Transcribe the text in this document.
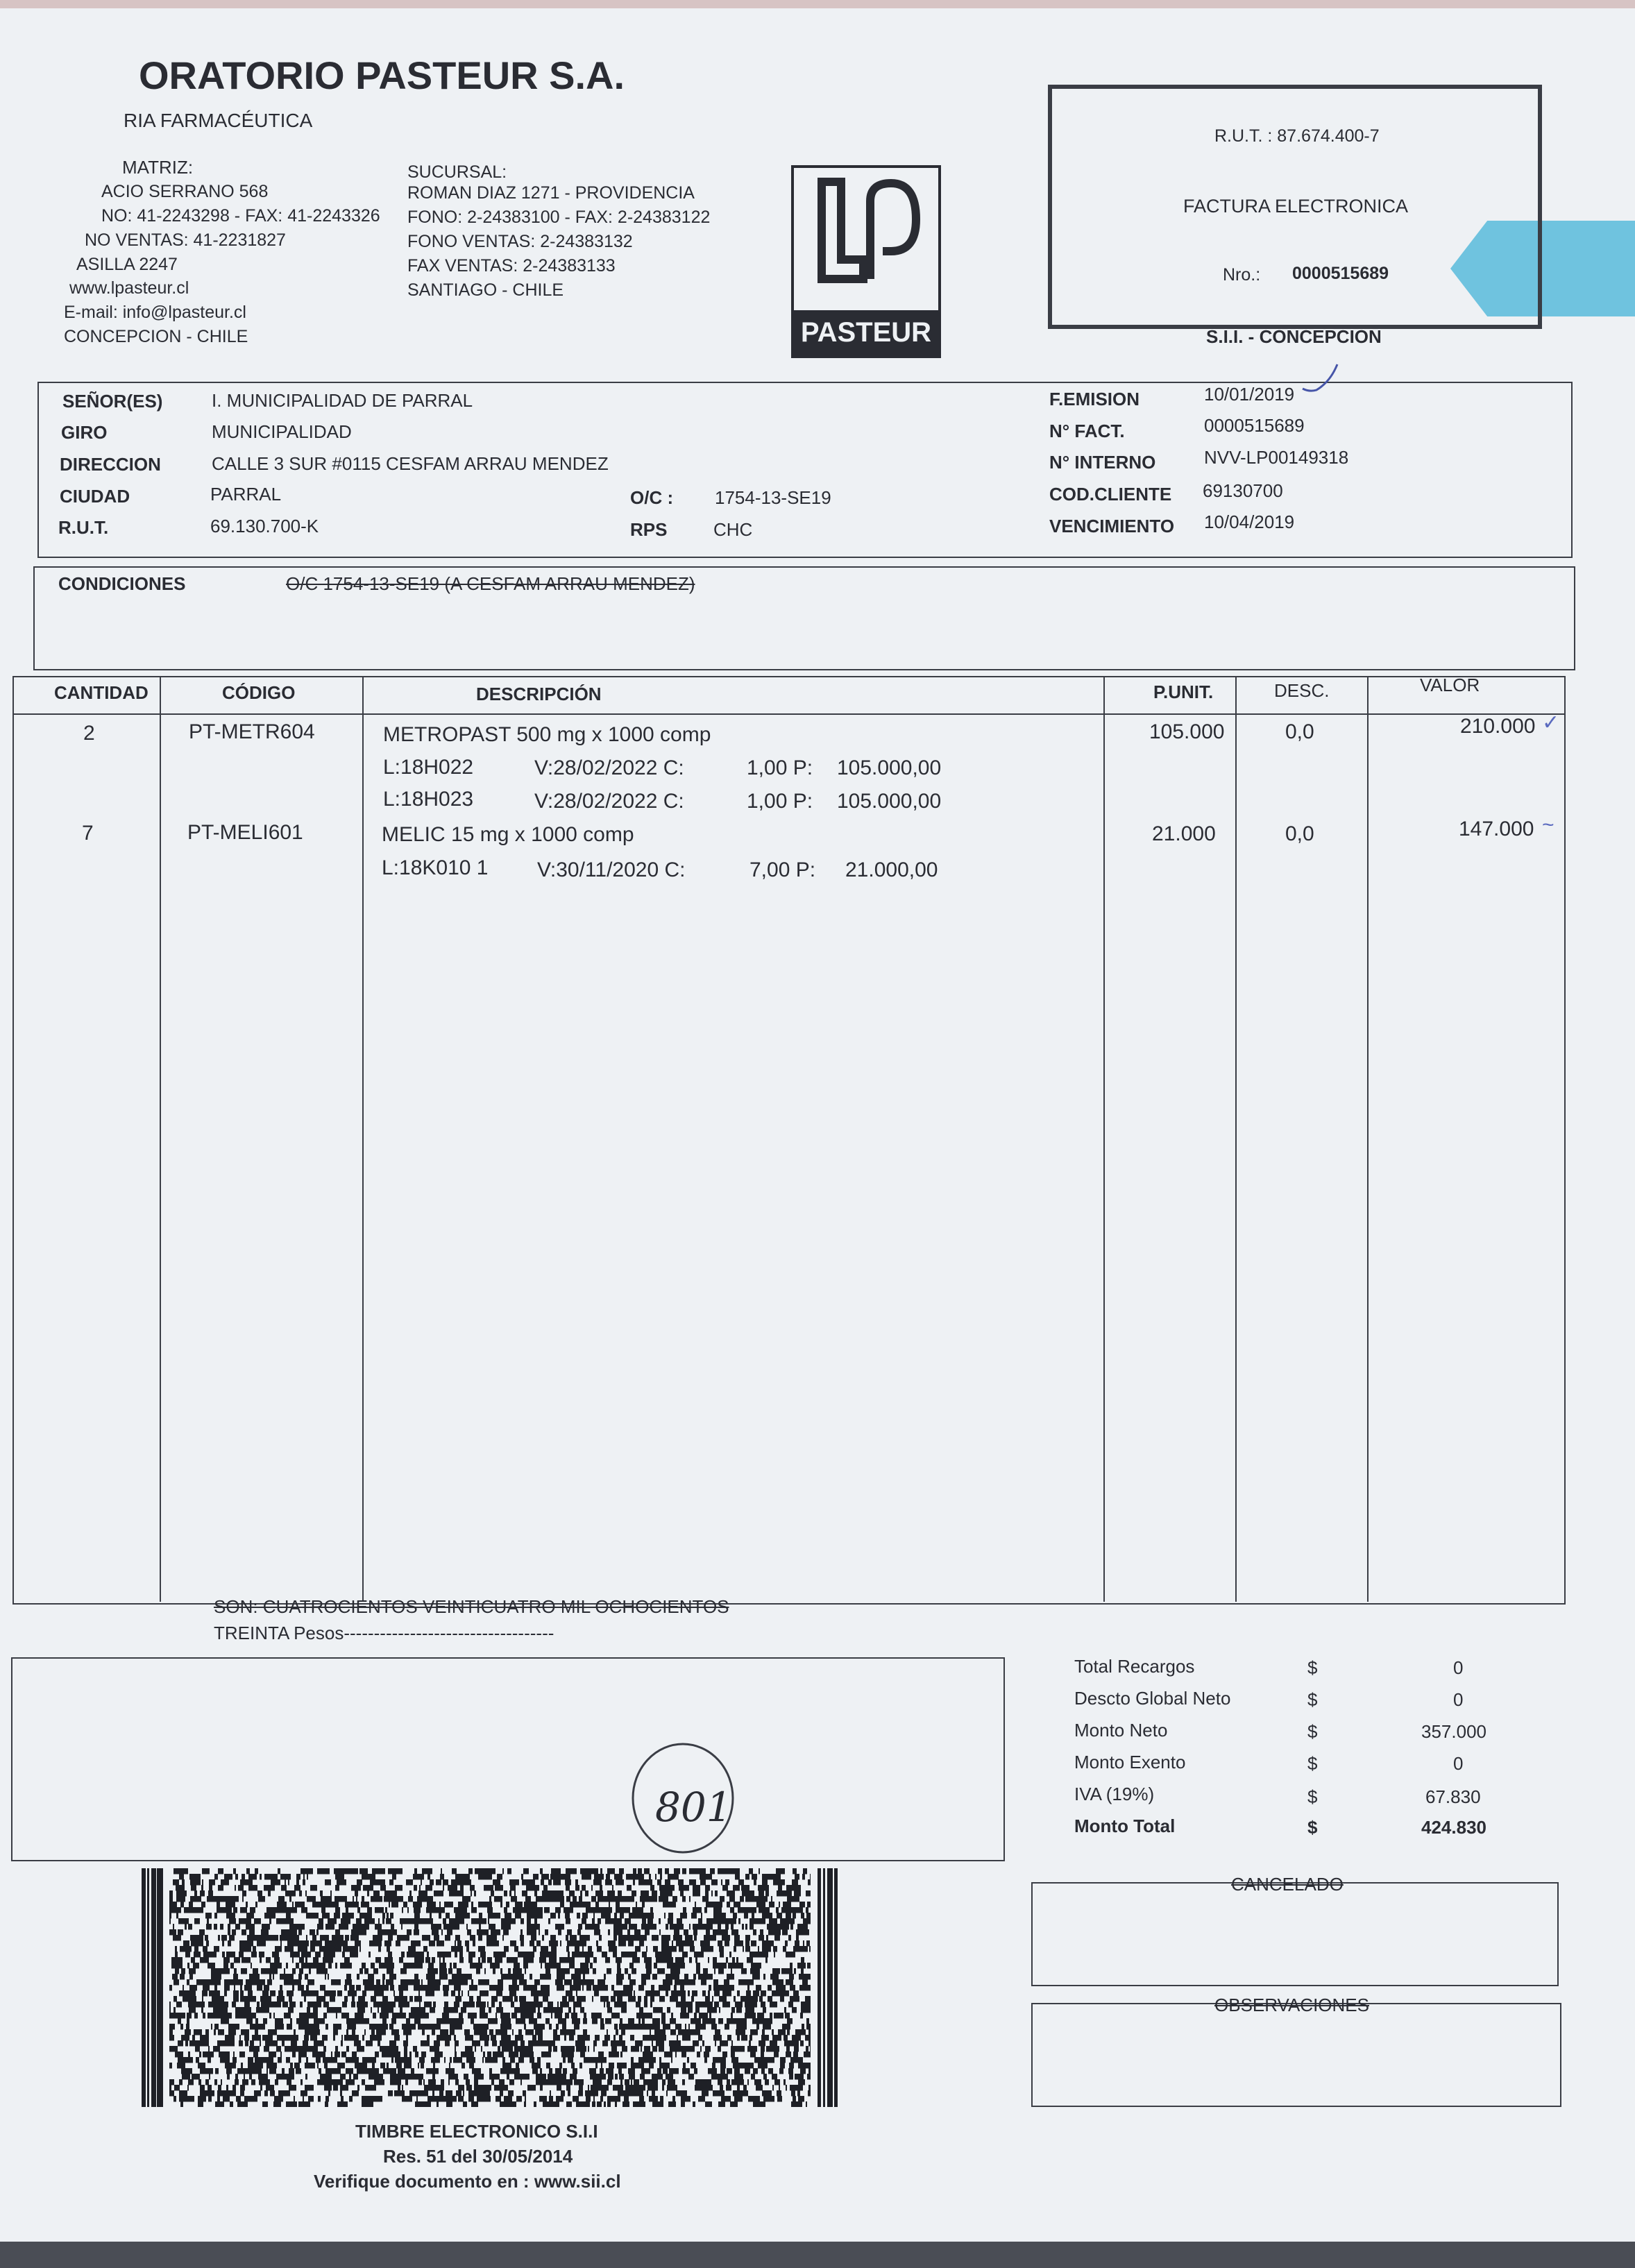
ORATORIO PASTEUR S.A.
RIA FARMACÉUTICA
MATRIZ:
ACIO SERRANO 568
NO: 41-2243298 - FAX: 41-2243326
NO VENTAS: 41-2231827
ASILLA 2247
www.lpasteur.cl
E-mail: info@lpasteur.cl
CONCEPCION - CHILE
SUCURSAL:
ROMAN DIAZ 1271 - PROVIDENCIA
FONO: 2-24383100 - FAX: 2-24383122
FONO VENTAS: 2-24383132
FAX VENTAS: 2-24383133
SANTIAGO - CHILE
PASTEUR
R.U.T. : 87.674.400-7
FACTURA ELECTRONICA
Nro.: 0000515689
S.I.I. - CONCEPCION
SEÑOR(ES)	I. MUNICIPALIDAD DE PARRAL
GIRO	MUNICIPALIDAD
DIRECCION	CALLE 3 SUR #0115 CESFAM ARRAU MENDEZ
CIUDAD	PARRAL
R.U.T.	69.130.700-K
O/C : 1754-13-SE19
RPS	CHC
F.EMISION	10/01/2019
N° FACT.	0000515689
N° INTERNO	NVV-LP00149318
COD.CLIENTE 69130700
VENCIMIENTO 10/04/2019
CONDICIONES	O/C 1754-13-SE19 (A CESFAM ARRAU MENDEZ)
CANTIDAD	CÓDIGO	DESCRIPCIÓN	P.UNIT.	DESC.	VALOR
2	PT-METR604	METROPAST 500 mg x 1000 comp	105.000	0,0	210.000 ✓
L:18H022	V:28/02/2022 C:	1,00 P: 105.000,00
L:18H023	V:28/02/2022 C:	1,00 P: 105.000,00
7	PT-MELI601	MELIC 15 mg x 1000 comp	21.000	0,0	147.000 ~
L:18K010 1 V:30/11/2020 C:	7,00 P: 21.000,00
SON: CUATROCIENTOS VEINTICUATRO MIL OCHOCIENTOS
TREINTA Pesos-----------------------------------
801
Total Recargos	$	0
Descto Global Neto	$	0
Monto Neto	$	357.000
Monto Exento	$	0
IVA (19%)	$	67.830
Monto Total	$	424.830
CANCELADO
OBSERVACIONES
TIMBRE ELECTRONICO S.I.I
Res. 51 del 30/05/2014
Verifique documento en : www.sii.cl
